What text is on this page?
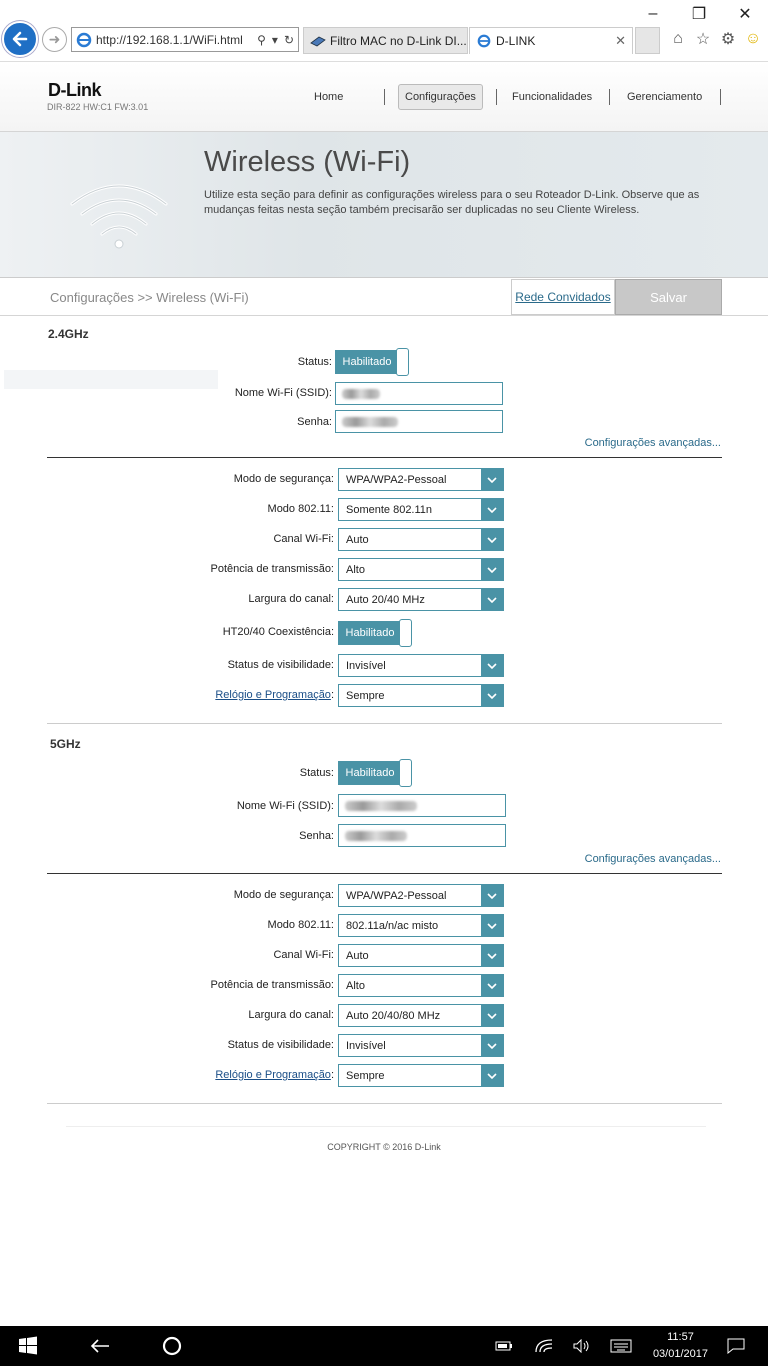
–	❐	✕
➜	http://192.168.1.1/WiFi.html	⚲ ▾ ↻	Filtro MAC no D-Link DI... D-LINK	✕	⌂ ☆ ⚙ ☺
D-Link
DIR-822 HW:C1 FW:3.01
Home	Configurações	Funcionalidades	Gerenciamento
Wireless (Wi-Fi)
Utilize esta seção para definir as configurações wireless para o seu Roteador D-Link. Observe que as mudanças feitas nesta seção também precisarão ser duplicadas no seu Cliente Wireless.
Configurações >> Wireless (Wi-Fi)	Rede Convidados	Salvar
2.4GHz
Status: Habilitado
Nome Wi-Fi (SSID):
Senha:
Configurações avançadas...
Modo de segurança: WPA/WPA2-Pessoal
Modo 802.11: Somente 802.11n
Canal Wi-Fi: Auto
Potência de transmissão: Alto
Largura do canal: Auto 20/40 MHz
HT20/40 Coexistência:	Habilitado
Status de visibilidade: Invisível
Relógio e Programação: Sempre
5GHz
Status:	Habilitado
Nome Wi-Fi (SSID):
Senha:
Configurações avançadas...
Modo de segurança: WPA/WPA2-Pessoal
Modo 802.11: 802.11a/n/ac misto
Canal Wi-Fi: Auto
Potência de transmissão: Alto
Largura do canal: Auto 20/40/80 MHz
Status de visibilidade: Invisível
Relógio e Programação: Sempre
COPYRIGHT © 2016 D-Link
11:57
03/01/2017
